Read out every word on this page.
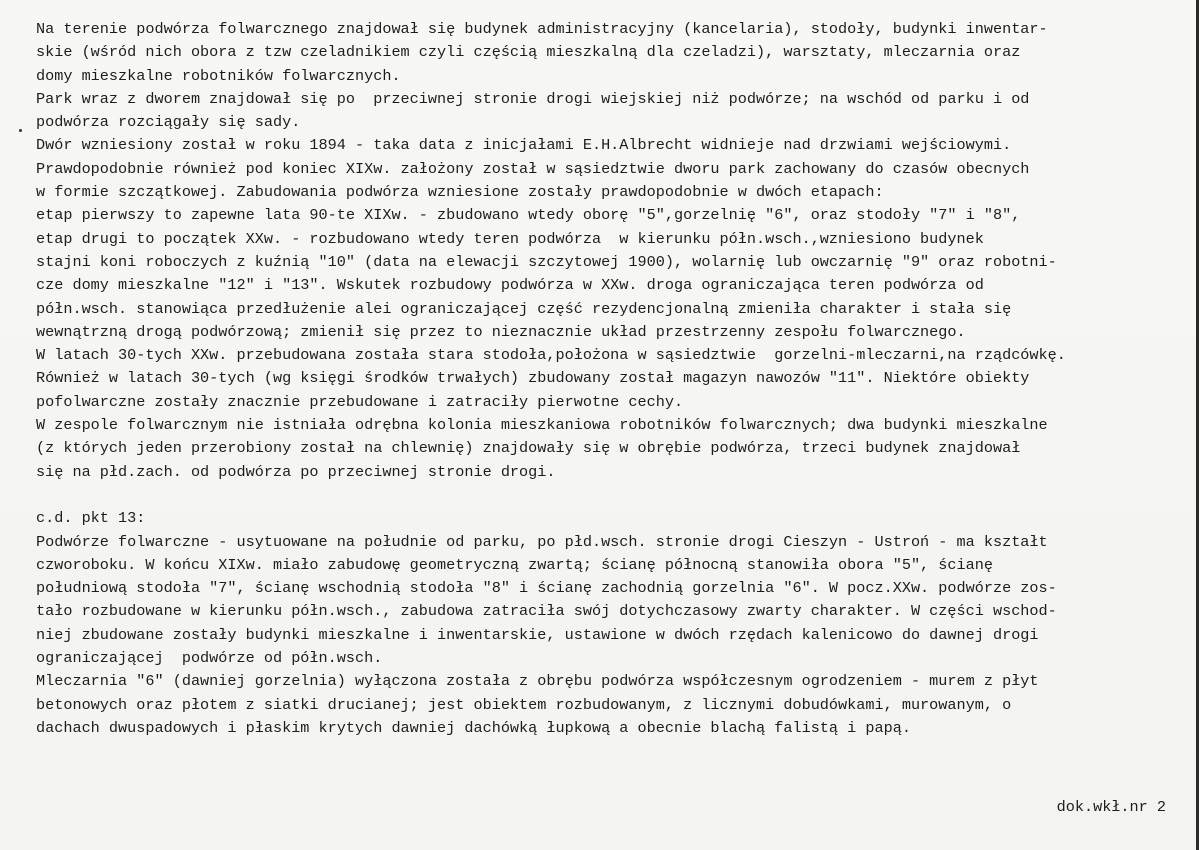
Na terenie podwórza folwarcznego znajdował się budynek administracyjny (kancelaria), stodoły, budynki inwentar-
skie (wśród nich obora z tzw czeladnikiem czyli częścią mieszkalną dla czeladzi), warsztaty, mleczarnia oraz
domy mieszkalne robotników folwarcznych.
Park wraz z dworem znajdował się po  przeciwnej stronie drogi wiejskiej niż podwórze; na wschód od parku i od
podwórza rozciągały się sady.
Dwór wzniesiony został w roku 1894 - taka data z inicjałami E.H.Albrecht widnieje nad drzwiami wejściowymi.
Prawdopodobnie również pod koniec XIXw. założony został w sąsiedztwie dworu park zachowany do czasów obecnych
w formie szczątkowej. Zabudowania podwórza wzniesione zostały prawdopodobnie w dwóch etapach:
etap pierwszy to zapewne lata 90-te XIXw. - zbudowano wtedy oborę "5",gorzelnię "6", oraz stodoły "7" i "8",
etap drugi to początek XXw. - rozbudowano wtedy teren podwórza  w kierunku półn.wsch.,wzniesiono budynek
stajni koni roboczych z kuźnią "10" (data na elewacji szczytowej 1900), wolarnię lub owczarnię "9" oraz robotni-
cze domy mieszkalne "12" i "13". Wskutek rozbudowy podwórza w XXw. droga ograniczająca teren podwórza od
półn.wsch. stanowiąca przedłużenie alei ograniczającej część rezydencjonalną zmieniła charakter i stała się
wewnątrzną drogą podwórzową; zmienił się przez to nieznacznie układ przestrzenny zespołu folwarcznego.
W latach 30-tych XXw. przebudowana została stara stodoła,położona w sąsiedztwie  gorzelni-mleczarni,na rządcówkę.
Również w latach 30-tych (wg księgi środków trwałych) zbudowany został magazyn nawozów "11". Niektóre obiekty
pofolwarczne zostały znacznie przebudowane i zatraciły pierwotne cechy.
W zespole folwarcznym nie istniała odrębna kolonia mieszkaniowa robotników folwarcznych; dwa budynki mieszkalne
(z których jeden przerobiony został na chlewnię) znajdowały się w obrębie podwórza, trzeci budynek znajdował
się na płd.zach. od podwórza po przeciwnej stronie drogi.
c.d. pkt 13:
Podwórze folwarczne - usytuowane na południe od parku, po płd.wsch. stronie drogi Cieszyn - Ustroń - ma kształt
czworoboku. W końcu XIXw. miało zabudowę geometryczną zwartą; ścianę północną stanowiła obora "5", ścianę
południową stodoła "7", ścianę wschodnią stodoła "8" i ścianę zachodnią gorzelnia "6". W pocz.XXw. podwórze zos-
tało rozbudowane w kierunku półn.wsch., zabudowa zatraciła swój dotychczasowy zwarty charakter. W części wschod-
niej zbudowane zostały budynki mieszkalne i inwentarskie, ustawione w dwóch rzędach kalenicowo do dawnej drogi
ograniczającej  podwórze od półn.wsch.
Mleczarnia "6" (dawniej gorzelnia) wyłączona została z obrębu podwórza współczesnym ogrodzeniem - murem z płyt
betonowych oraz płotem z siatki drucianej; jest obiektem rozbudowanym, z licznymi dobudówkami, murowanym, o
dachach dwuspadowych i płaskim krytych dawniej dachówką łupkową a obecnie blachą falistą i papą.
dok.wkł.nr 2
